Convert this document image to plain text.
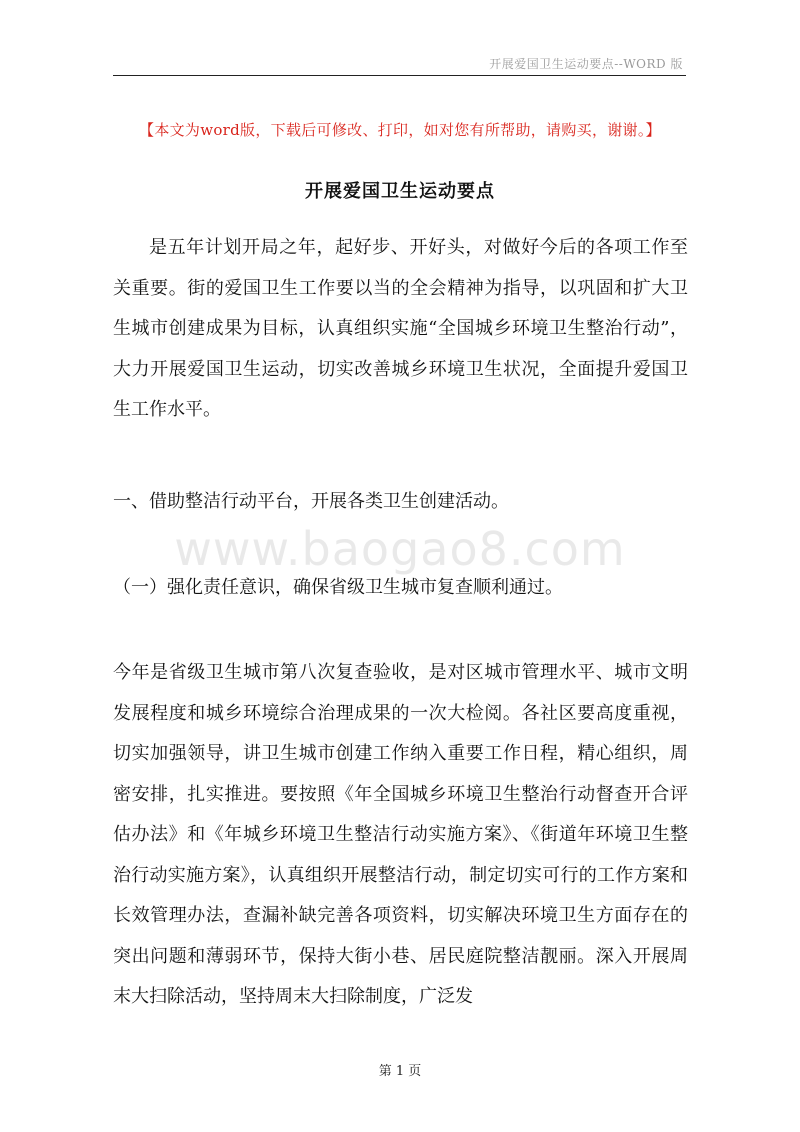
开展爱国卫生运动要点--WORD 版
【本文为word版，下载后可修改、打印，如对您有所帮助，请购买，谢谢。】
开展爱国卫生运动要点

是五年计划开局之年，起好步、开好头，对做好今后的各项工作至关重要。街的爱国卫生工作要以当的全会精神为指导，以巩固和扩大卫生城市创建成果为目标，认真组织实施“全国城乡环境卫生整治行动”，大力开展爱国卫生运动，切实改善城乡环境卫生状况，全面提升爱国卫生工作水平。

一、借助整洁行动平台，开展各类卫生创建活动。

（一）强化责任意识，确保省级卫生城市复查顺利通过。

今年是省级卫生城市第八次复查验收，是对区城市管理水平、城市文明发展程度和城乡环境综合治理成果的一次大检阅。各社区要高度重视，切实加强领导，讲卫生城市创建工作纳入重要工作日程，精心组织，周密安排，扎实推进。要按照《年全国城乡环境卫生整治行动督查开合评估办法》和《年城乡环境卫生整洁行动实施方案》、《街道年环境卫生整治行动实施方案》，认真组织开展整洁行动，制定切实可行的工作方案和长效管理办法，查漏补缺完善各项资料，切实解决环境卫生方面存在的突出问题和薄弱环节，保持大街小巷、居民庭院整洁靓丽。深入开展周末大扫除活动，坚持周末大扫除制度，广泛发

www.baogao8.com
第 1 页
